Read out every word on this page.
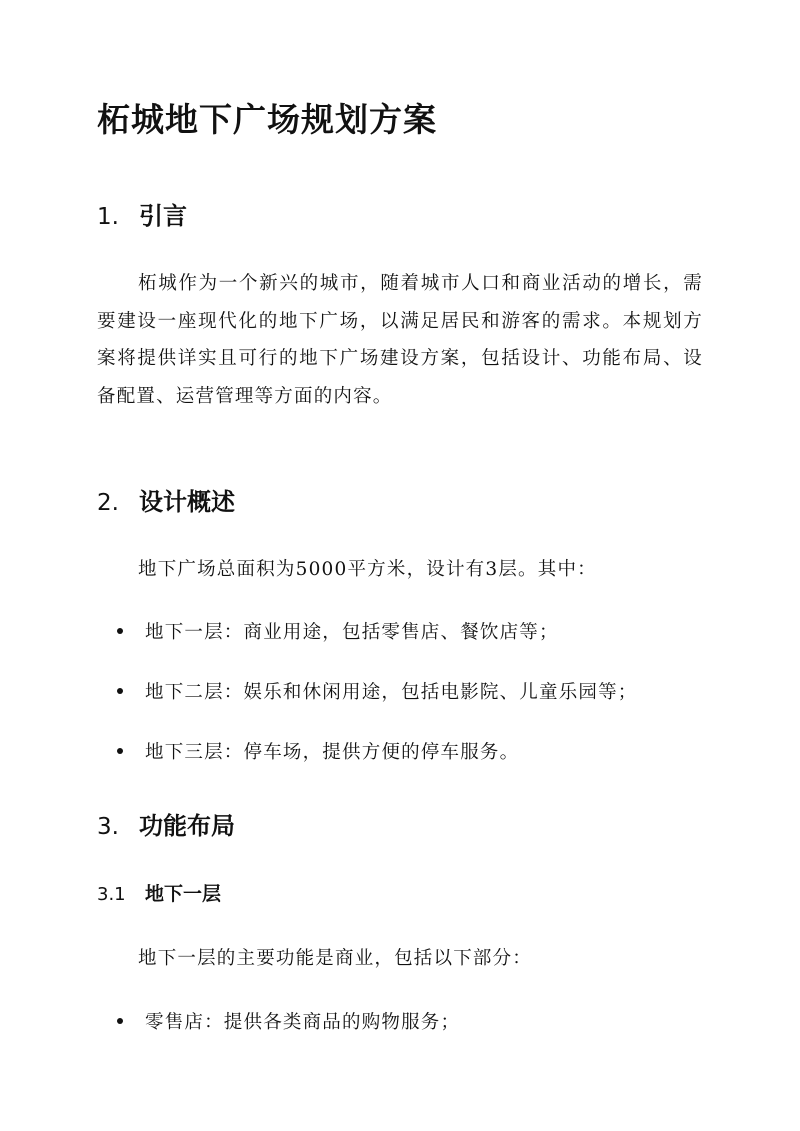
柘城地下广场规划方案
1. 引言

柘城作为一个新兴的城市，随着城市人口和商业活动的增长，需要建设一座现代化的地下广场，以满足居民和游客的需求。本规划方案将提供详实且可行的地下广场建设方案，包括设计、功能布局、设备配置、运营管理等方面的内容。

2. 设计概述

地下广场总面积为5000平方米，设计有3层。其中：

地下一层：商业用途，包括零售店、餐饮店等；
地下二层：娱乐和休闲用途，包括电影院、儿童乐园等；
地下三层：停车场，提供方便的停车服务。
3. 功能布局
3.1	地下一层

地下一层的主要功能是商业，包括以下部分：

零售店：提供各类商品的购物服务；
